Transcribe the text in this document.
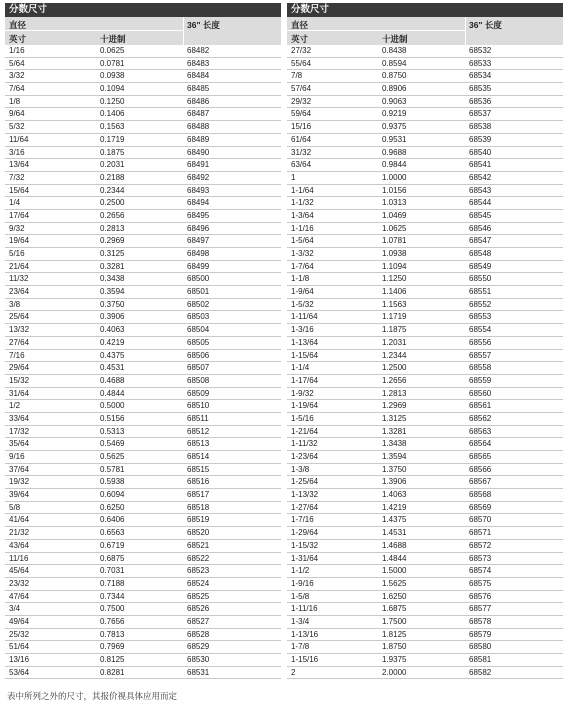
分数尺寸
直径
英寸	十进制
36" 长度
1/16	0.0625	68482
5/64	0.0781	68483
3/32	0.0938	68484
7/64	0.1094	68485
1/8	0.1250	68486
9/64	0.1406	68487
5/32	0.1563	68488
11/64	0.1719	68489
3/16	0.1875	68490
13/64	0.2031	68491
7/32	0.2188	68492
15/64	0.2344	68493
1/4	0.2500	68494
17/64	0.2656	68495
9/32	0.2813	68496
19/64	0.2969	68497
5/16	0.3125	68498
21/64	0.3281	68499
11/32	0.3438	68500
23/64	0.3594	68501
3/8	0.3750	68502
25/64	0.3906	68503
13/32	0.4063	68504
27/64	0.4219	68505
7/16	0.4375	68506
29/64	0.4531	68507
15/32	0.4688	68508
31/64	0.4844	68509
1/2	0.5000	68510
33/64	0.5156	68511
17/32	0.5313	68512
35/64	0.5469	68513
9/16	0.5625	68514
37/64	0.5781	68515
19/32	0.5938	68516
39/64	0.6094	68517
5/8	0.6250	68518
41/64	0.6406	68519
21/32	0.6563	68520
43/64	0.6719	68521
11/16	0.6875	68522
45/64	0.7031	68523
23/32	0.7188	68524
47/64	0.7344	68525
3/4	0.7500	68526
49/64	0.7656	68527
25/32	0.7813	68528
51/64	0.7969	68529
13/16	0.8125	68530
53/64	0.8281	68531
分数尺寸
直径
英寸	十进制
36" 长度
27/32	0.8438	68532
55/64	0.8594	68533
7/8	0.8750	68534
57/64	0.8906	68535
29/32	0.9063	68536
59/64	0.9219	68537
15/16	0.9375	68538
61/64	0.9531	68539
31/32	0.9688	68540
63/64	0.9844	68541
1	1.0000	68542
1-1/64	1.0156	68543
1-1/32	1.0313	68544
1-3/64	1.0469	68545
1-1/16	1.0625	68546
1-5/64	1.0781	68547
1-3/32	1.0938	68548
1-7/64	1.1094	68549
1-1/8	1.1250	68550
1-9/64	1.1406	68551
1-5/32	1.1563	68552
1-11/64	1.1719	68553
1-3/16	1.1875	68554
1-13/64	1.2031	68556
1-15/64	1.2344	68557
1-1/4	1.2500	68558
1-17/64	1.2656	68559
1-9/32	1.2813	68560
1-19/64	1.2969	68561
1-5/16	1.3125	68562
1-21/64	1.3281	68563
1-11/32	1.3438	68564
1-23/64	1.3594	68565
1-3/8	1.3750	68566
1-25/64	1.3906	68567
1-13/32	1.4063	68568
1-27/64	1.4219	68569
1-7/16	1.4375	68570
1-29/64	1.4531	68571
1-15/32	1.4688	68572
1-31/64	1.4844	68573
1-1/2	1.5000	68574
1-9/16	1.5625	68575
1-5/8	1.6250	68576
1-11/16	1.6875	68577
1-3/4	1.7500	68578
1-13/16	1.8125	68579
1-7/8	1.8750	68580
1-15/16	1.9375	68581
2	2.0000	68582
表中所列之外的尺寸，其报价视具体应用而定
